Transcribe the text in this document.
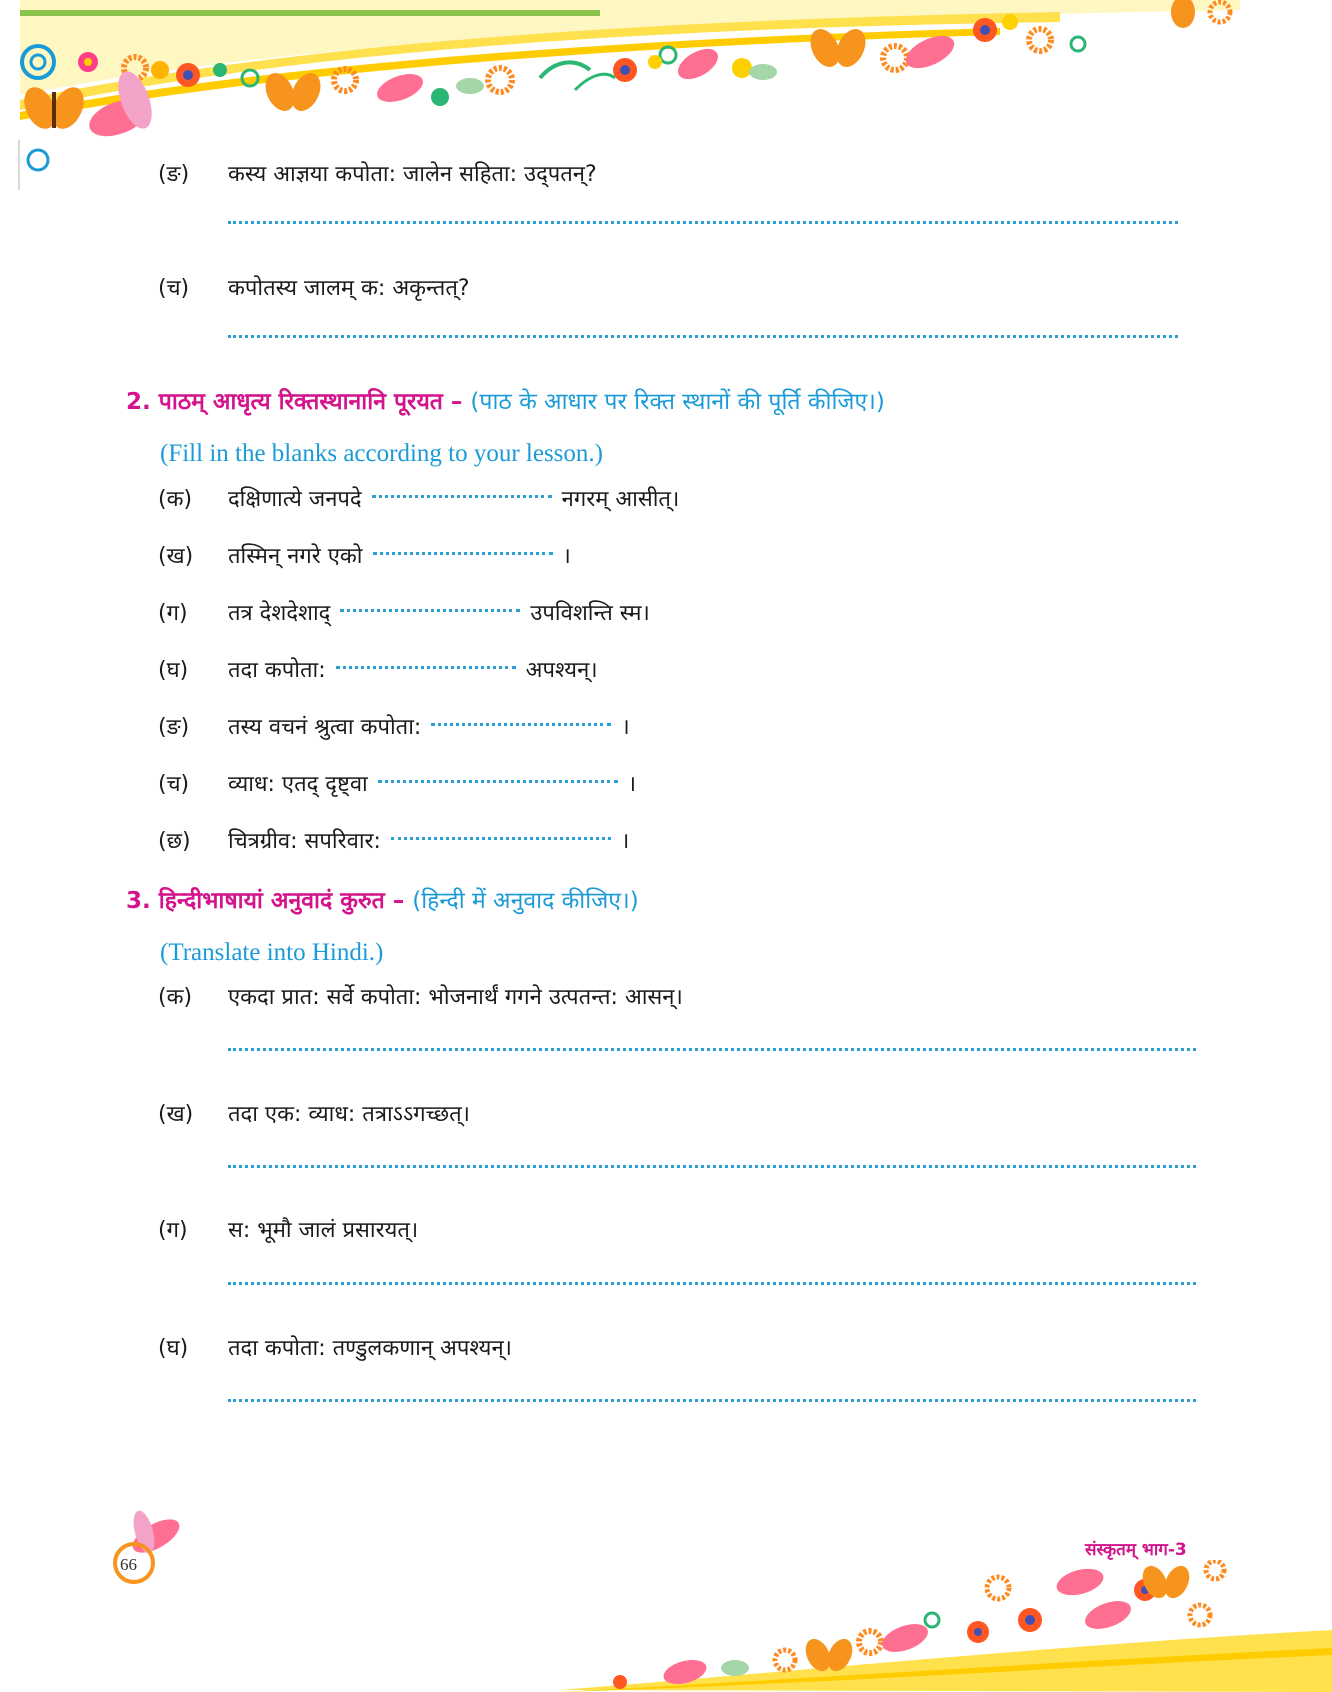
(ङ) कस्य आज्ञया कपोता: जालेन सहिता: उद्पतन्?
(च) कपोतस्य जालम् क: अकृन्तत्?
2. पाठम् आधृत्य रिक्तस्थानानि पूरयत – (पाठ के आधार पर रिक्त स्थानों की पूर्ति कीजिए।)
(Fill in the blanks according to your lesson.)
(क) दक्षिणात्ये जनपदे	नगरम् आसीत्।
(ख) तस्मिन् नगरे एको	।
(ग) तत्र देशदेशाद्	उपविशन्ति स्म।
(घ) तदा कपोता:	अपश्यन्।
(ङ) तस्य वचनं श्रुत्वा कपोता:	।
(च) व्याध: एतद् दृष्ट्वा	।
(छ) चित्रग्रीव: सपरिवार:	।
3. हिन्दीभाषायां अनुवादं कुरुत – (हिन्दी में अनुवाद कीजिए।)
(Translate into Hindi.)
(क) एकदा प्रात: सर्वे कपोता: भोजनार्थं गगने उत्पतन्त: आसन्।
(ख) तदा एक: व्याध: तत्राऽऽगच्छत्।
(ग) स: भूमौ जालं प्रसारयत्।
(घ) तदा कपोता: तण्डुलकणान् अपश्यन्।
66
संस्कृतम् भाग-3
